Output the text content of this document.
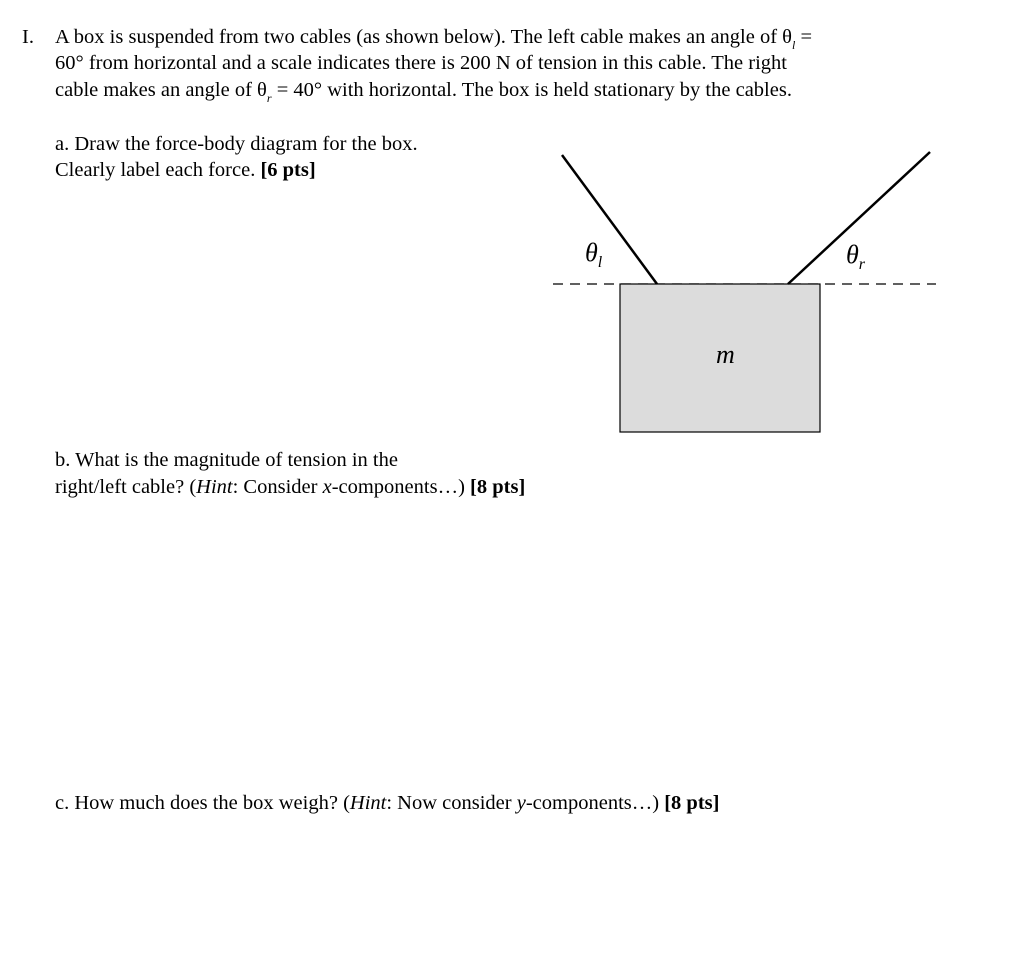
I. A box is suspended from two cables (as shown below). The left cable makes an angle of $\theta_l$ =
60° from horizontal and a scale indicates there is 200 N of tension in this cable. The right
cable makes an angle of $\theta_r = 40^\circ$ with horizontal. The box is held stationary by the cables.
a. Draw the force-body diagram for the box.
Clearly label each force. [6 pts]
b. What is the magnitude of tension in the
right/left cable? (Hint: Consider x-components…) [8 pts]
c. How much does the box weigh? (Hint: Now consider y-components…) [8 pts]
$\theta_l$	$\theta_r$
m
